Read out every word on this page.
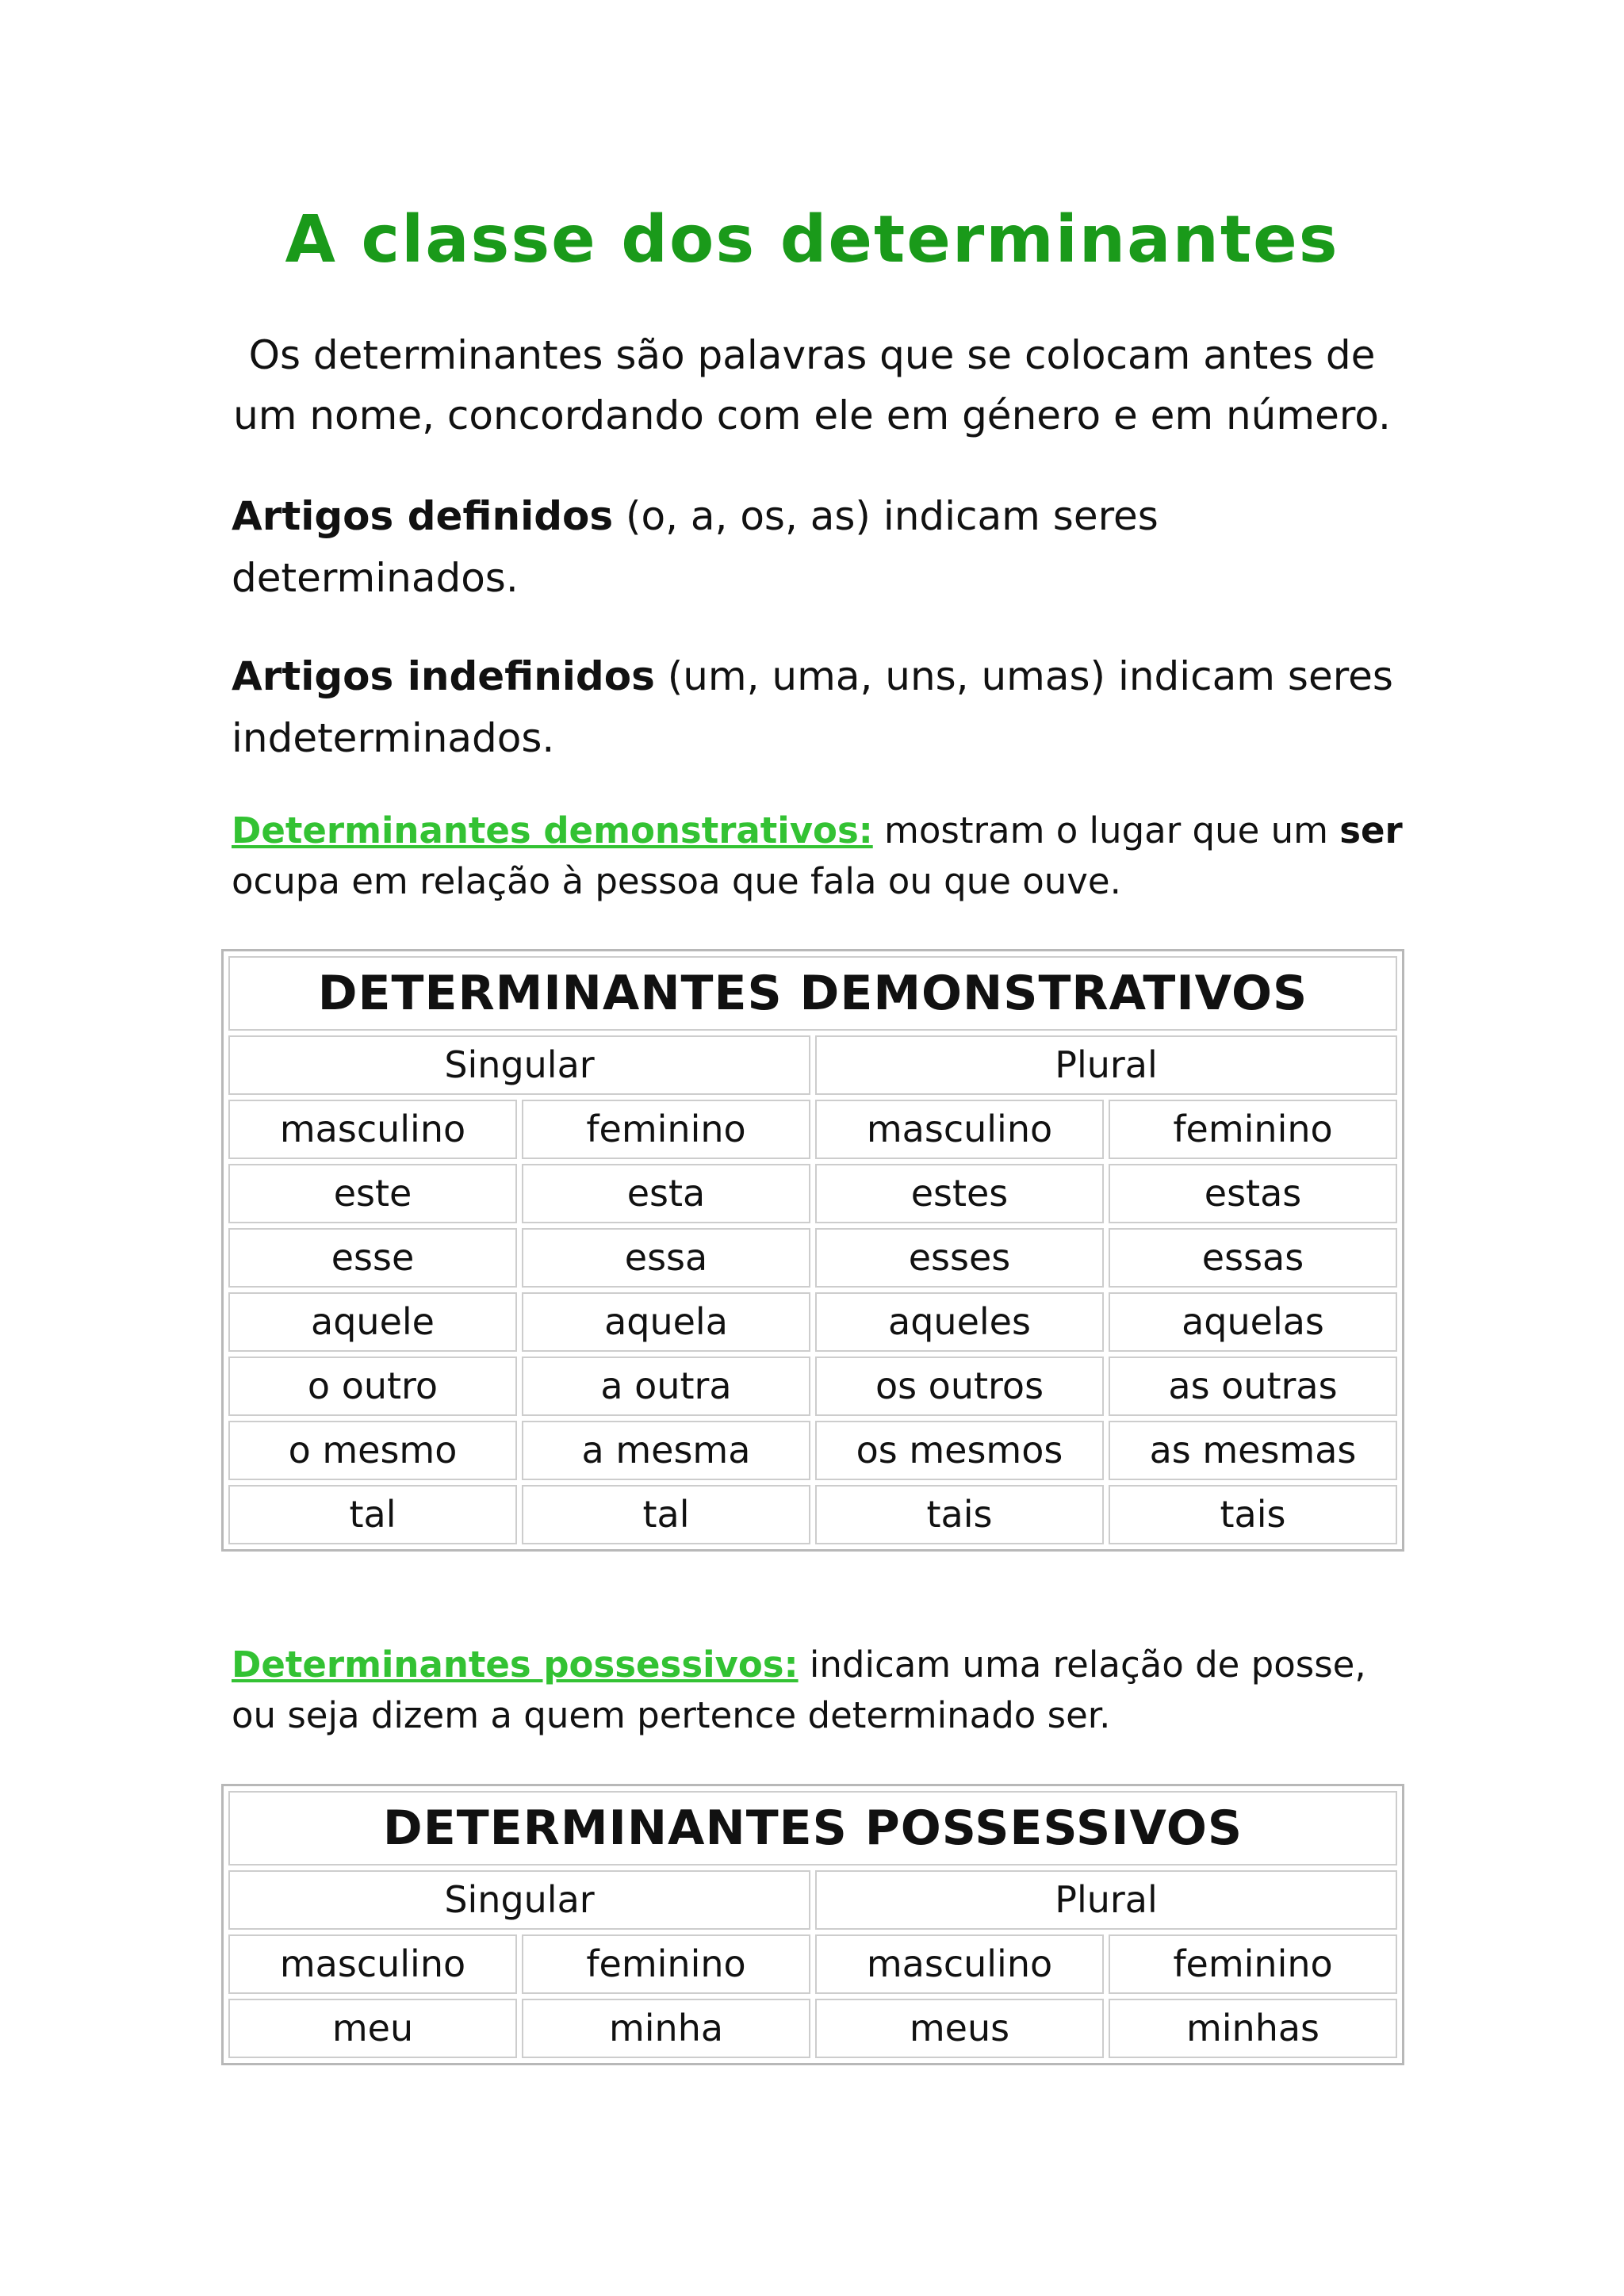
A classe dos determinantes

Os determinantes são palavras que se colocam antes de
um nome, concordando com ele em género e em número.

Artigos definidos (o, a, os, as) indicam seres determinados.

Artigos indefinidos (um, uma, uns, umas) indicam seres indeterminados.

Determinantes demonstrativos: mostram o lugar que um ser ocupa em relação à pessoa que fala ou que ouve.

DETERMINANTES DEMONSTRATIVOS			
Singular		Plural	
masculino	feminino	masculino	feminino
este	esta	estes	estas
esse	essa	esses	essas
aquele	aquela	aqueles	aquelas
o outro	a outra	os outros	as outras
o mesmo	a mesma	os mesmos	as mesmas
tal	tal	tais	tais

Determinantes possessivos: indicam uma relação de posse, ou seja dizem a quem pertence determinado ser.

DETERMINANTES POSSESSIVOS			
Singular		Plural	
masculino	feminino	masculino	feminino
meu	minha	meus	minhas
